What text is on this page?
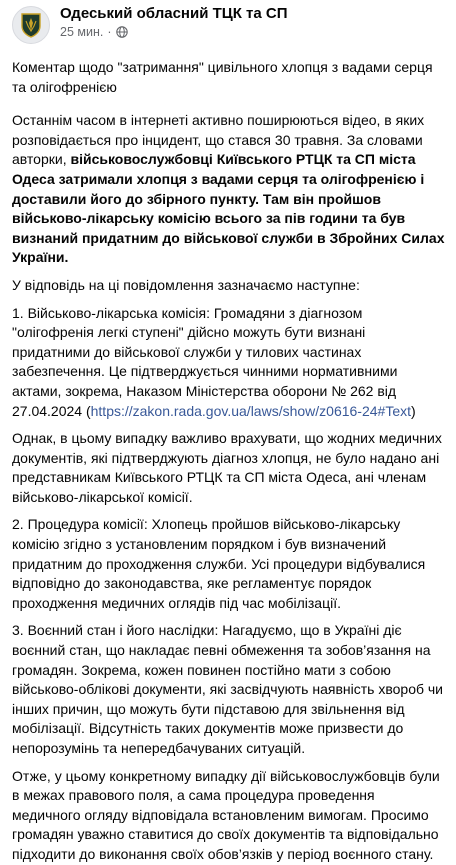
Одеський обласний ТЦК та СП
25 мин. ·

Коментар щодо "затримання" цивільного хлопця з вадами серця та олігофренією

Останнім часом в інтернеті активно поширюються відео, в яких розповідається про інцидент, що стався 30 травня. За словами авторки, військовослужбовці Київського РТЦК та СП міста Одеса затримали хлопця з вадами серця та олігофренією і доставили його до збірного пункту. Там він пройшов військово-лікарську комісію всього за пів години та був визнаний придатним до військової служби в Збройних Силах України.

У відповідь на ці повідомлення зазначаємо наступне:

1. Військово-лікарська комісія: Громадяни з діагнозом "олігофренія легкі ступені" дійсно можуть бути визнані придатними до військової служби у тилових частинах забезпечення. Це підтверджується чинними нормативними актами, зокрема, Наказом Міністерства оборони № 262 від 27.04.2024 (https://zakon.rada.gov.ua/laws/show/z0616-24#Text)

Однак, в цьому випадку важливо врахувати, що жодних медичних документів, які підтверджують діагноз хлопця, не було надано ані представникам Київського РТЦК та СП міста Одеса, ані членам військово-лікарської комісії.

2. Процедура комісії: Хлопець пройшов військово-лікарську комісію згідно з установленим порядком і був визначений придатним до проходження служби. Усі процедури відбувалися відповідно до законодавства, яке регламентує порядок проходження медичних оглядів під час мобілізації.

3. Воєнний стан і його наслідки: Нагадуємо, що в Україні діє воєнний стан, що накладає певні обмеження та зобов’язання на громадян. Зокрема, кожен повинен постійно мати з собою військово-облікові документи, які засвідчують наявність хвороб чи інших причин, що можуть бути підставою для звільнення від мобілізації. Відсутність таких документів може призвести до непорозумінь та непередбачуваних ситуацій.

Отже, у цьому конкретному випадку дії військовослужбовців були в межах правового поля, а сама процедура проведення медичного огляду відповідала встановленим вимогам. Просимо громадян уважно ставитися до своїх документів та відповідально підходити до виконання своїх обов’язків у період воєнного стану.
